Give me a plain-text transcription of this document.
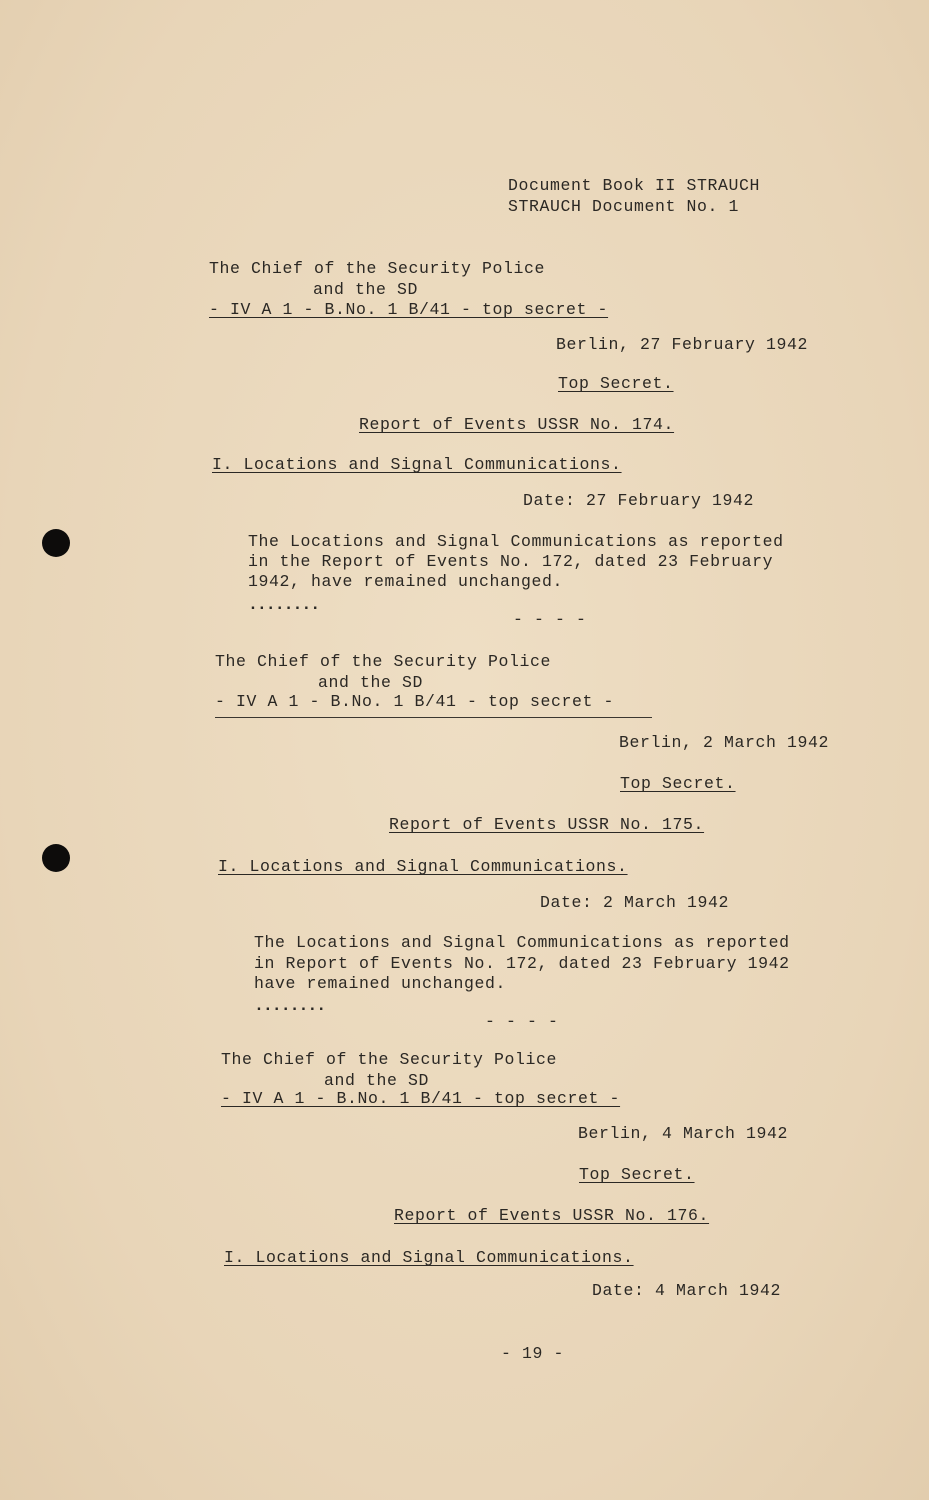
Document Book II STRAUCH
STRAUCH Document No. 1
The Chief of the Security Police
and the SD
- IV A 1 - B.No. 1 B/41 - top secret -
Berlin, 27 February 1942
Top Secret.
Report of Events USSR No. 174.
I. Locations and Signal Communications.
Date: 27 February 1942
The Locations and Signal Communications as reported
in the Report of Events No. 172, dated 23 February
1942, have remained unchanged.
........
- - - -
The Chief of the Security Police
and the SD
- IV A 1 - B.No. 1 B/41 - top secret -
Berlin, 2 March 1942
Top Secret.
Report of Events USSR No. 175.
I. Locations and Signal Communications.
Date: 2 March 1942
The Locations and Signal Communications as reported
in Report of Events No. 172, dated 23 February 1942
have remained unchanged.
........
- - - -
The Chief of the Security Police
and the SD
- IV A 1 - B.No. 1 B/41 - top secret -
Berlin, 4 March 1942
Top Secret.
Report of Events USSR No. 176.
I. Locations and Signal Communications.
Date: 4 March 1942
- 19 -
